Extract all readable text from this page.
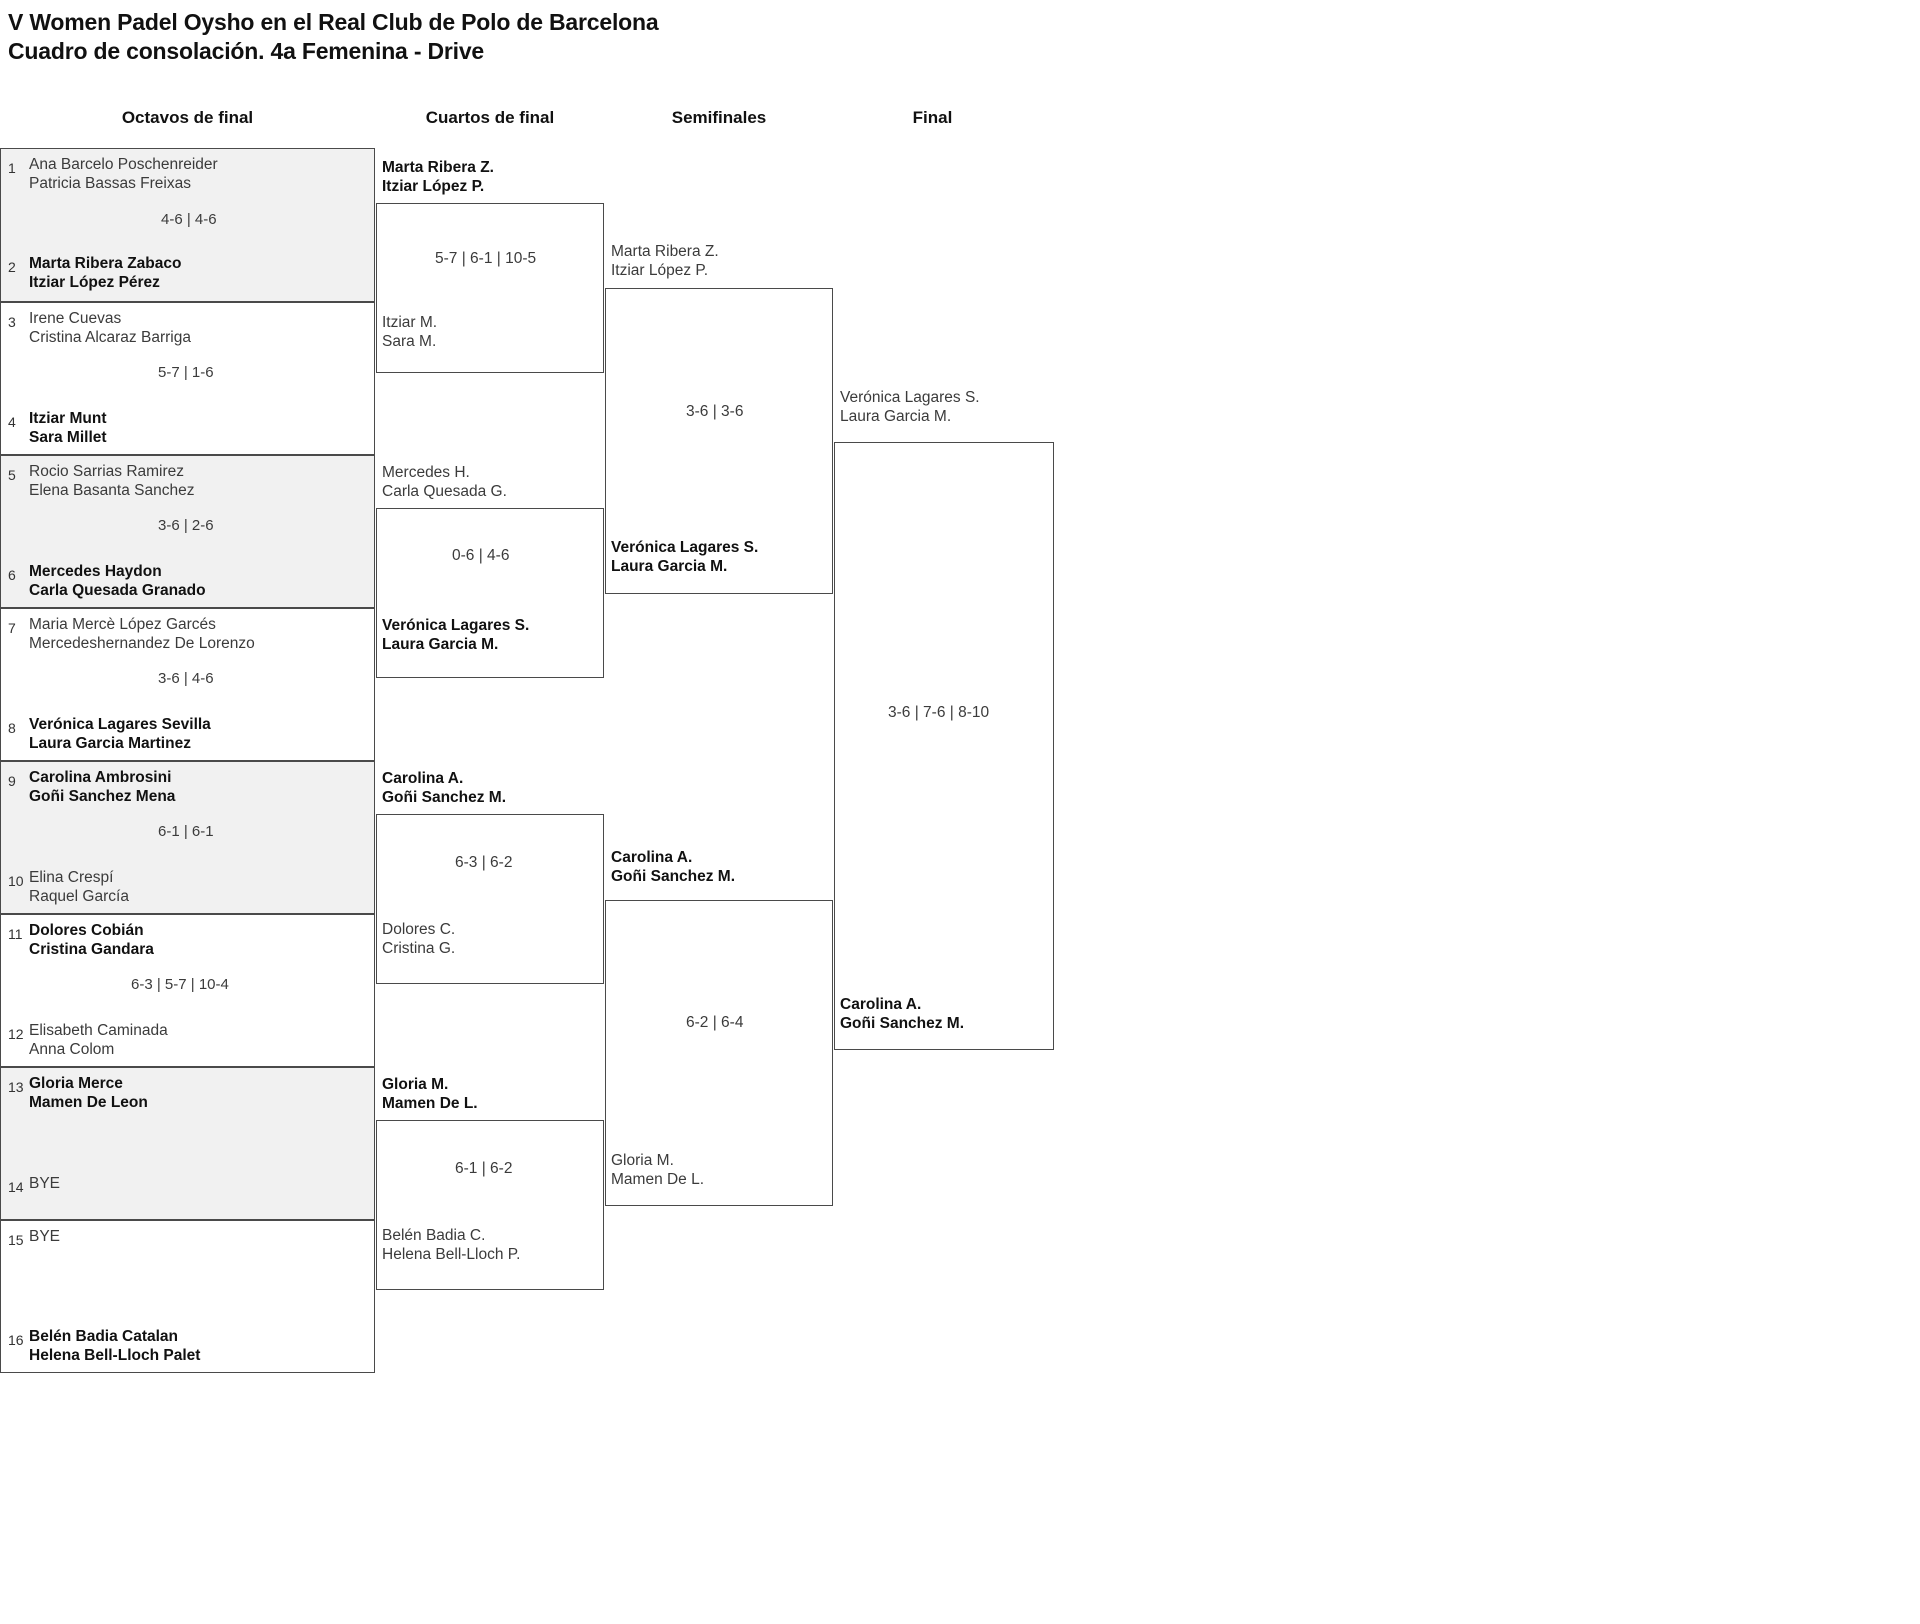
V Women Padel Oysho en el Real Club de Polo de Barcelona
Cuadro de consolación. 4a Femenina - Drive
Octavos de final	Cuartos de final	Semifinales	Final
1 Ana Barcelo Poschenreider
Patricia Bassas Freixas
4-6 | 4-6
2 Marta Ribera Zabaco
Itziar López Pérez
3 Irene Cuevas
Cristina Alcaraz Barriga
5-7 | 1-6
4 Itziar Munt
Sara Millet
5 Rocio Sarrias Ramirez
Elena Basanta Sanchez
3-6 | 2-6
6 Mercedes Haydon
Carla Quesada Granado
7 Maria Mercè López Garcés
Mercedeshernandez De Lorenzo
3-6 | 4-6
8 Verónica Lagares Sevilla
Laura Garcia Martinez
9 Carolina Ambrosini
Goñi Sanchez Mena
6-1 | 6-1
10 Elina Crespí
Raquel García
11 Dolores Cobián
Cristina Gandara
6-3 | 5-7 | 10-4
12 Elisabeth Caminada
Anna Colom
13 Gloria Merce
Mamen De Leon
14 BYE
15 BYE
16 Belén Badia Catalan
Helena Bell-Lloch Palet
Marta Ribera Z.
Itziar López P.
5-7 | 6-1 | 10-5
Itziar M.
Sara M.
Mercedes H.
Carla Quesada G.
0-6 | 4-6
Verónica Lagares S.
Laura Garcia M.
Carolina A.
Goñi Sanchez M.
6-3 | 6-2
Dolores C.
Cristina G.
Gloria M.
Mamen De L.
6-1 | 6-2
Belén Badia C.
Helena Bell-Lloch P.
Marta Ribera Z.
Itziar López P.
3-6 | 3-6
Verónica Lagares S.
Laura Garcia M.
Carolina A.
Goñi Sanchez M.
6-2 | 6-4
Gloria M.
Mamen De L.
Verónica Lagares S.
Laura Garcia M.
3-6 | 7-6 | 8-10
Carolina A.
Goñi Sanchez M.
